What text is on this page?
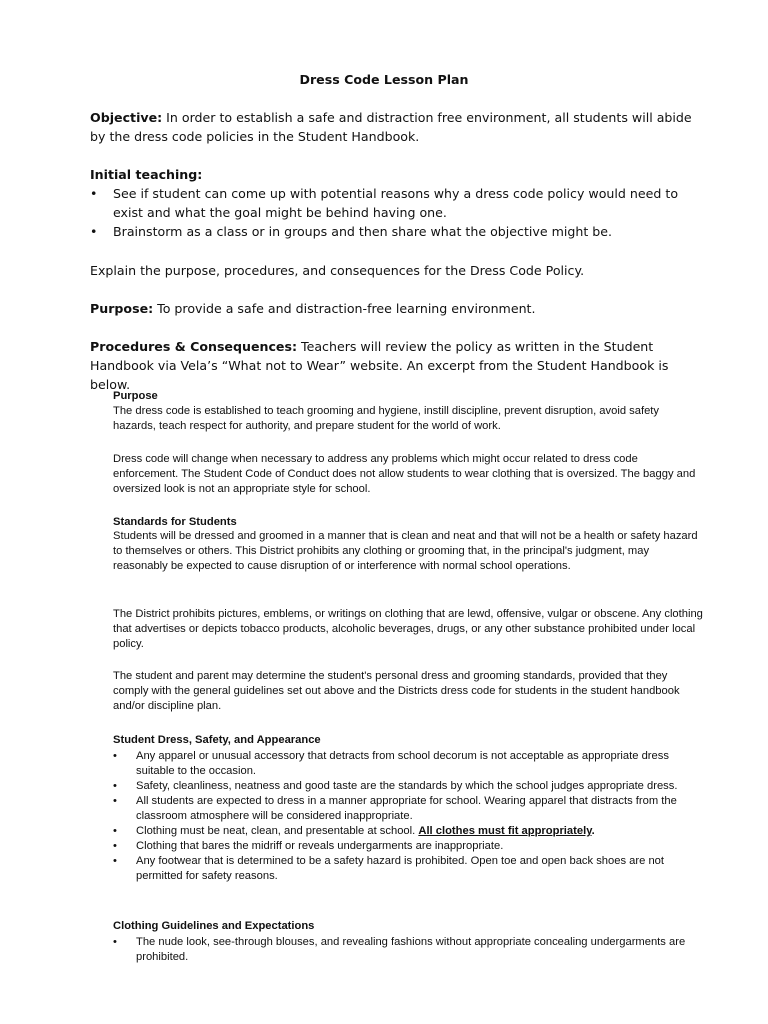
Dress Code Lesson Plan

Objective: In order to establish a safe and distraction free environment, all students will abide by the dress code policies in the Student Handbook.

Initial teaching:
• See if student can come up with potential reasons why a dress code policy would need to exist and what the goal might be behind having one.
• Brainstorm as a class or in groups and then share what the objective might be.

Explain the purpose, procedures, and consequences for the Dress Code Policy.

Purpose: To provide a safe and distraction-free learning environment.

Procedures & Consequences: Teachers will review the policy as written in the Student Handbook via Vela’s “What not to Wear” website. An excerpt from the Student Handbook is below.

Purpose

The dress code is established to teach grooming and hygiene, instill discipline, prevent disruption, avoid safety hazards, teach respect for authority, and prepare student for the world of work.

Dress code will change when necessary to address any problems which might occur related to dress code enforcement. The Student Code of Conduct does not allow students to wear clothing that is oversized. The baggy and oversized look is not an appropriate style for school.

Standards for Students

Students will be dressed and groomed in a manner that is clean and neat and that will not be a health or safety hazard to themselves or others. This District prohibits any clothing or grooming that, in the principal's judgment, may reasonably be expected to cause disruption of or interference with normal school operations.

The District prohibits pictures, emblems, or writings on clothing that are lewd, offensive, vulgar or obscene. Any clothing that advertises or depicts tobacco products, alcoholic beverages, drugs, or any other substance prohibited under local policy.

The student and parent may determine the student's personal dress and grooming standards, provided that they comply with the general guidelines set out above and the Districts dress code for students in the student handbook and/or discipline plan.

Student Dress, Safety, and Appearance
• Any apparel or unusual accessory that detracts from school decorum is not acceptable as appropriate dress suitable to the occasion.
• Safety, cleanliness, neatness and good taste are the standards by which the school judges appropriate dress.
• All students are expected to dress in a manner appropriate for school. Wearing apparel that distracts from the classroom atmosphere will be considered inappropriate.
• Clothing must be neat, clean, and presentable at school. All clothes must fit appropriately.
• Clothing that bares the midriff or reveals undergarments are inappropriate.
• Any footwear that is determined to be a safety hazard is prohibited. Open toe and open back shoes are not permitted for safety reasons.
Clothing Guidelines and Expectations
• The nude look, see-through blouses, and revealing fashions without appropriate concealing undergarments are prohibited.
